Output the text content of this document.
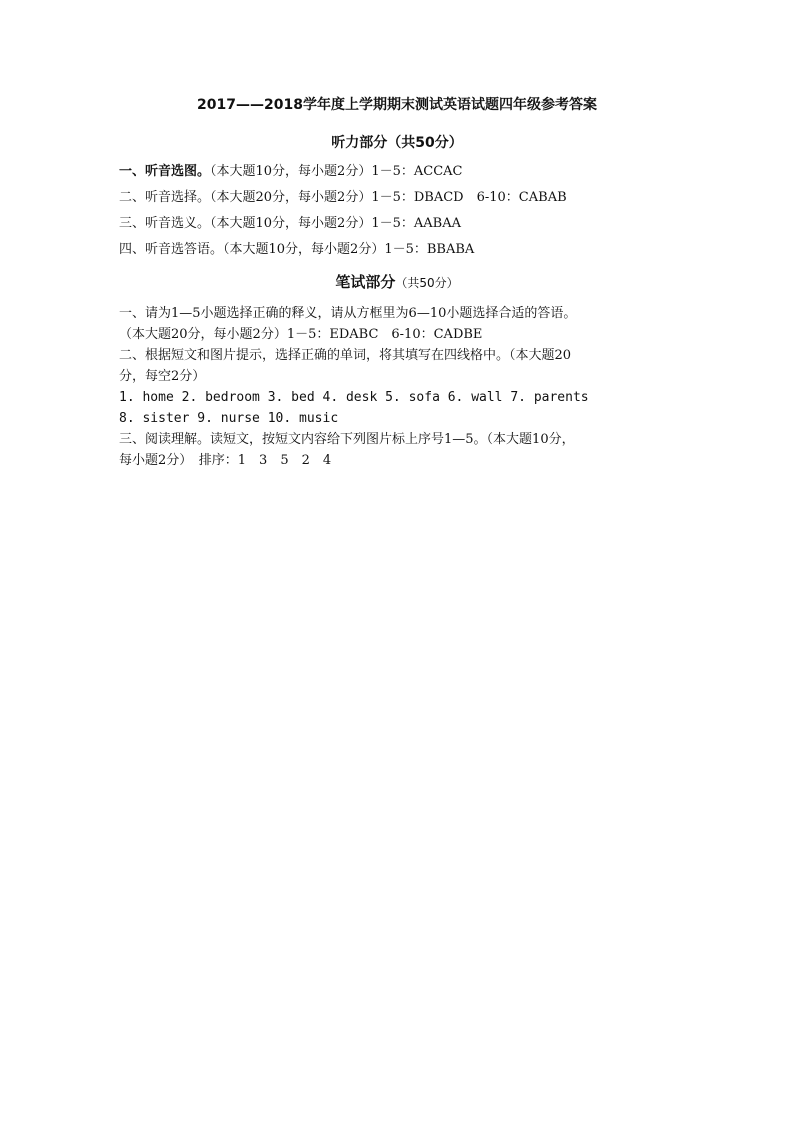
2017——2018学年度上学期期末测试英语试题四年级参考答案
听力部分（共50分）
一、听音选图。（本大题10分，每小题2分）1－5：ACCAC
二、听音选择。（本大题20分，每小题2分）1－5：DBACD　6-10：CABAB
三、听音选义。（本大题10分，每小题2分）1－5：AABAA
四、听音选答语。（本大题10分，每小题2分）1－5：BBABA
笔试部分（共50分）
一、请为1—5小题选择正确的释义，请从方框里为6—10小题选择合适的答语。
（本大题20分，每小题2分）1－5：EDABC　6-10：CADBE
二、根据短文和图片提示，选择正确的单词，将其填写在四线格中。（本大题20
分，每空2分）
1. home 2. bedroom 3. bed 4. desk 5. sofa 6. wall 7. parents
8. sister 9. nurse 10. music
三、阅读理解。读短文，按短文内容给下列图片标上序号1—5。（本大题10分，
每小题2分）　排序：1　3　5　2　4
